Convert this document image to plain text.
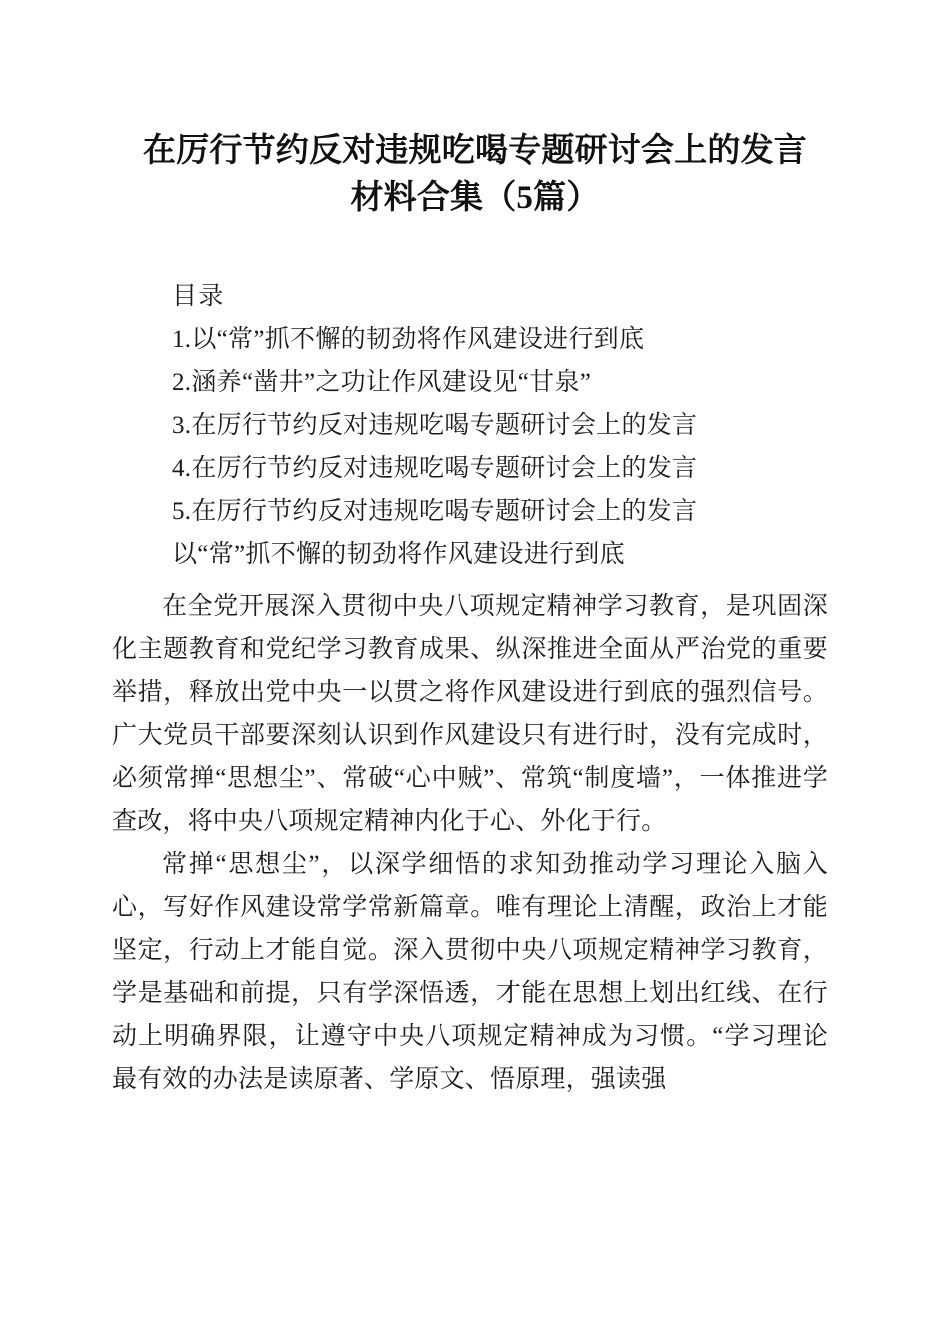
在厉行节约反对违规吃喝专题研讨会上的发言
材料合集（5篇）
目录
1.以“常”抓不懈的韧劲将作风建设进行到底
2.涵养“凿井”之功让作风建设见“甘泉”
3.在厉行节约反对违规吃喝专题研讨会上的发言
4.在厉行节约反对违规吃喝专题研讨会上的发言
5.在厉行节约反对违规吃喝专题研讨会上的发言
以“常”抓不懈的韧劲将作风建设进行到底

在全党开展深入贯彻中央八项规定精神学习教育，是巩固深化主题教育和党纪学习教育成果、纵深推进全面从严治党的重要举措，释放出党中央一以贯之将作风建设进行到底的强烈信号。广大党员干部要深刻认识到作风建设只有进行时，没有完成时，必须常掸“思想尘”、常破“心中贼”、常筑“制度墙”，一体推进学查改，将中央八项规定精神内化于心、外化于行。

常掸“思想尘”，以深学细悟的求知劲推动学习理论入脑入心，写好作风建设常学常新篇章。唯有理论上清醒，政治上才能坚定，行动上才能自觉。深入贯彻中央八项规定精神学习教育，学是基础和前提，只有学深悟透，才能在思想上划出红线、在行动上明确界限，让遵守中央八项规定精神成为习惯。“学习理论最有效的办法是读原著、学原文、悟原理，强读强
